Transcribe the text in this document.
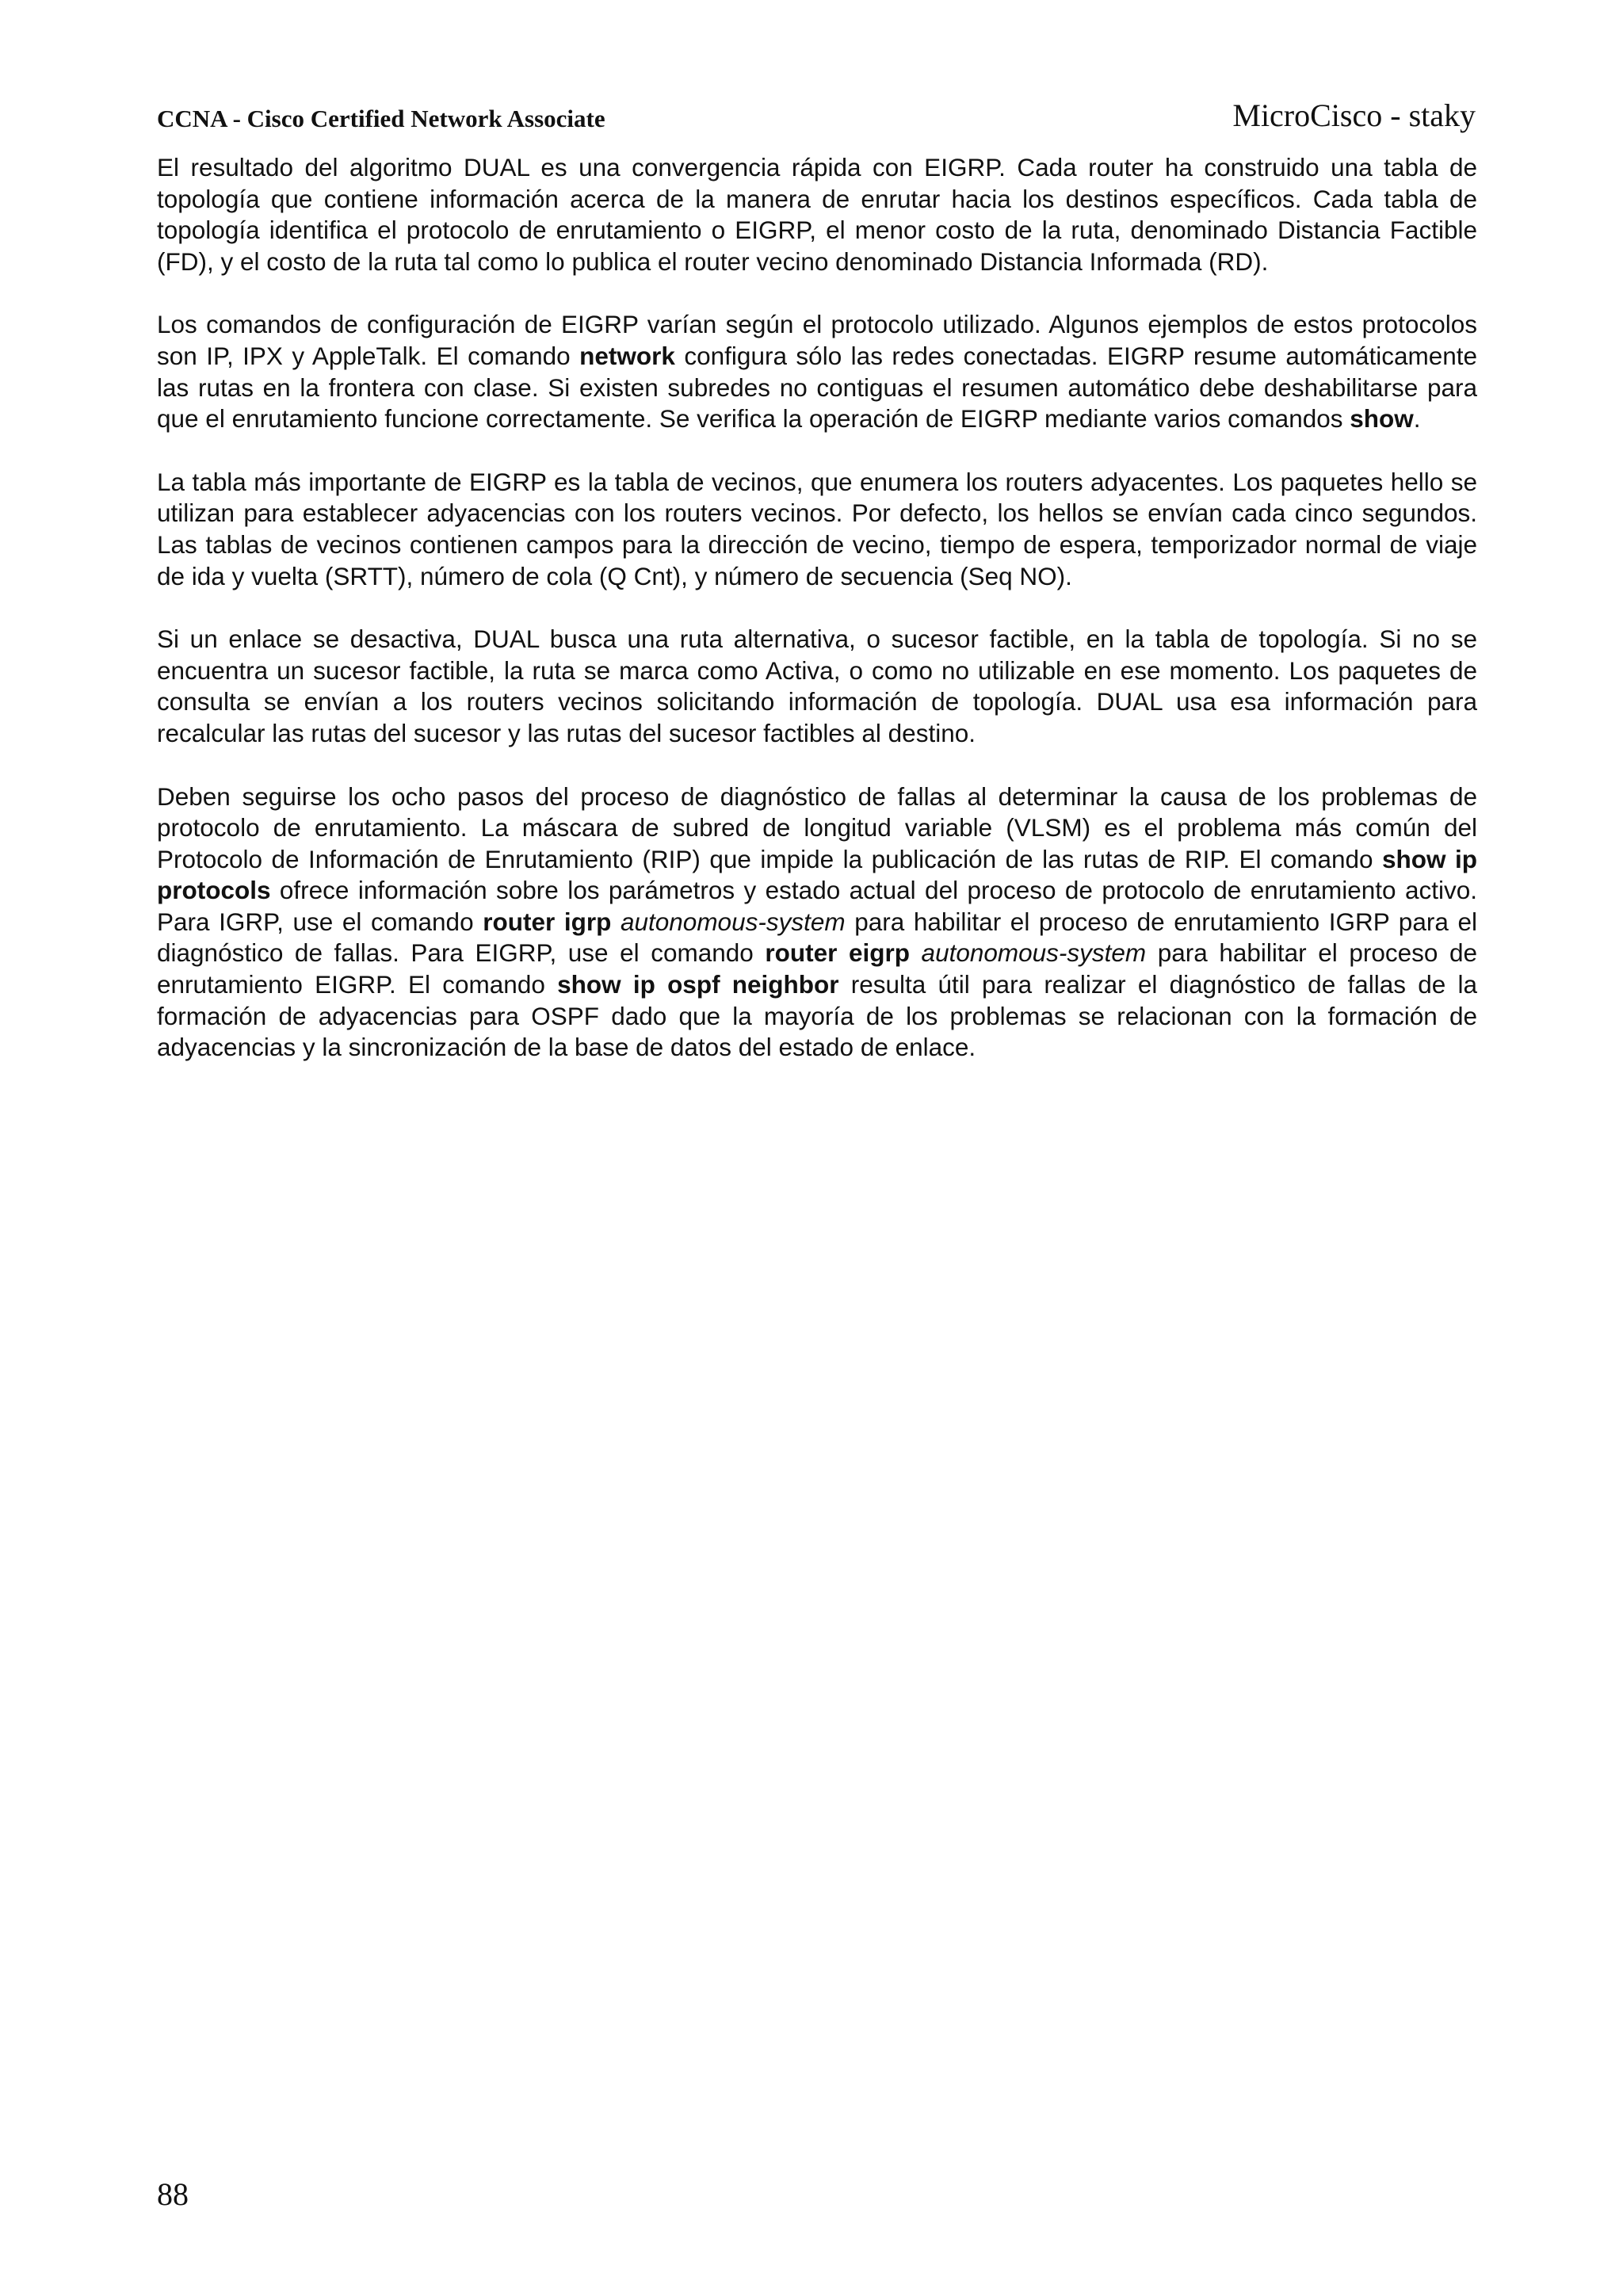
CCNA - Cisco Certified Network Associate	MicroCisco - staky

El resultado del algoritmo DUAL es una convergencia rápida con EIGRP. Cada router ha construido una tabla de topología que contiene información acerca de la manera de enrutar hacia los destinos específicos. Cada tabla de topología identifica el protocolo de enrutamiento o EIGRP, el menor costo de la ruta, denominado Distancia Factible (FD), y el costo de la ruta tal como lo publica el router vecino denominado Distancia Informada (RD).

Los comandos de configuración de EIGRP varían según el protocolo utilizado. Algunos ejemplos de estos protocolos son IP, IPX y AppleTalk. El comando network configura sólo las redes conectadas. EIGRP resume automáticamente las rutas en la frontera con clase. Si existen subredes no contiguas el resumen automático debe deshabilitarse para que el enrutamiento funcione correctamente. Se verifica la operación de EIGRP mediante varios comandos show.

La tabla más importante de EIGRP es la tabla de vecinos, que enumera los routers adyacentes. Los paquetes hello se utilizan para establecer adyacencias con los routers vecinos. Por defecto, los hellos se envían cada cinco segundos. Las tablas de vecinos contienen campos para la dirección de vecino, tiempo de espera, temporizador normal de viaje de ida y vuelta (SRTT), número de cola (Q Cnt), y número de secuencia (Seq NO).

Si un enlace se desactiva, DUAL busca una ruta alternativa, o sucesor factible, en la tabla de topología. Si no se encuentra un sucesor factible, la ruta se marca como Activa, o como no utilizable en ese momento. Los paquetes de consulta se envían a los routers vecinos solicitando información de topología. DUAL usa esa información para recalcular las rutas del sucesor y las rutas del sucesor factibles al destino.

Deben seguirse los ocho pasos del proceso de diagnóstico de fallas al determinar la causa de los problemas de protocolo de enrutamiento. La máscara de subred de longitud variable (VLSM) es el problema más común del Protocolo de Información de Enrutamiento (RIP) que impide la publicación de las rutas de RIP. El comando show ip protocols ofrece información sobre los parámetros y estado actual del proceso de protocolo de enrutamiento activo. Para IGRP, use el comando router igrp autonomous-system para habilitar el proceso de enrutamiento IGRP para el diagnóstico de fallas. Para EIGRP, use el comando router eigrp autonomous-system para habilitar el proceso de enrutamiento EIGRP. El comando show ip ospf neighbor resulta útil para realizar el diagnóstico de fallas de la formación de adyacencias para OSPF dado que la mayoría de los problemas se relacionan con la formación de adyacencias y la sincronización de la base de datos del estado de enlace.

88
